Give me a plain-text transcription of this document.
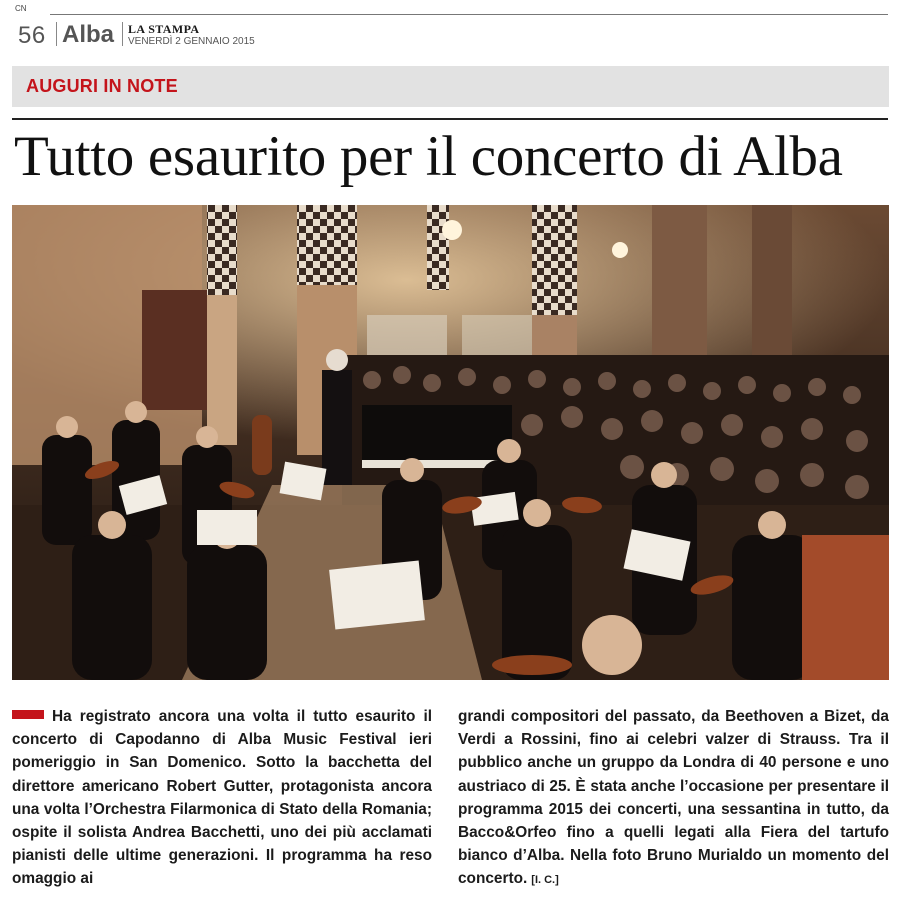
CN
56 Alba LA STAMPA
VENERDÌ 2 GENNAIO 2015
AUGURI IN NOTE
Tutto esaurito per il concerto di Alba
Ha registrato ancora una volta il tutto esaurito il concerto di Capodanno di Alba Music Festival ieri pomeriggio in San Domenico. Sotto la bacchetta del direttore americano Robert Gutter, protagonista ancora una volta l’Orchestra Filarmonica di Stato della Romania; ospite il solista Andrea Bacchetti, uno dei più acclamati pianisti delle ultime generazioni. Il programma ha reso omaggio ai
grandi compositori del passato, da Beethoven a Bizet, da Verdi a Rossini, fino ai celebri valzer di Strauss. Tra il pubblico anche un gruppo da Londra di 40 persone e uno austriaco di 25. È stata anche l’occasione per presentare il programma 2015 dei concerti, una sessantina in tutto, da Bacco&Orfeo fino a quelli legati alla Fiera del tartufo bianco d’Alba. Nella foto Bruno Murialdo un momento del concerto. [I. C.]
